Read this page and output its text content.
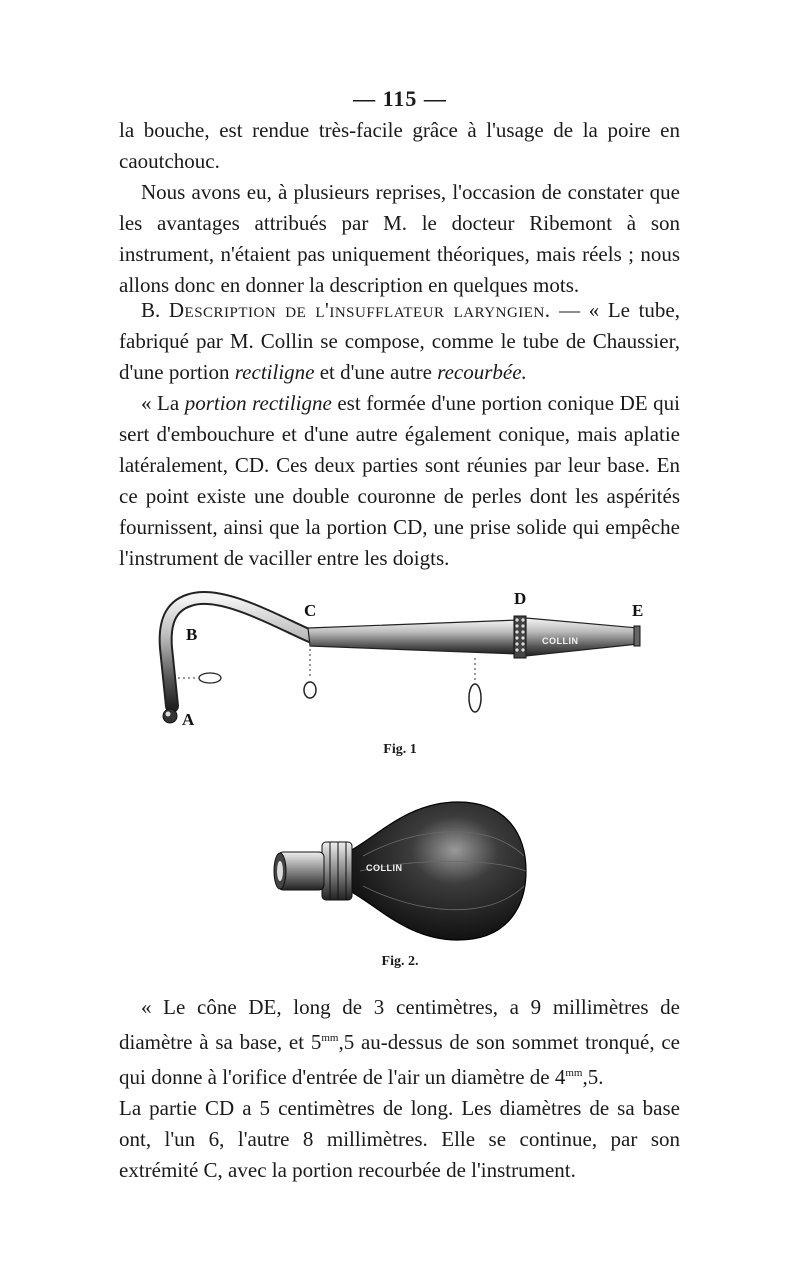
— 115 —

la bouche, est rendue très-facile grâce à l'usage de la poire en caoutchouc.

Nous avons eu, à plusieurs reprises, l'occasion de constater que les avantages attribués par M. le docteur Ribemont à son instrument, n'étaient pas uniquement théoriques, mais réels ; nous allons donc en donner la description en quelques mots.

B. Description de l'insufflateur laryngien. — « Le tube, fabriqué par M. Collin se compose, comme le tube de Chaussier, d'une portion rectiligne et d'une autre recourbée.

« La portion rectiligne est formée d'une portion conique DE qui sert d'embouchure et d'une autre également conique, mais aplatie latéralement, CD. Ces deux parties sont réunies par leur base. En ce point existe une double couronne de perles dont les aspérités fournissent, ainsi que la portion CD, une prise solide qui empêche l'instrument de vaciller entre les doigts.

COLLIN
A
B
C
D
E
Fig. 1
COLLIN
Fig. 2.

« Le cône DE, long de 3 centimètres, a 9 millimètres de diamètre à sa base, et $5^{mm},5$ au-dessus de son sommet tronqué, ce qui donne à l'orifice d'entrée de l'air un diamètre de $4^{mm},5$.

La partie CD a 5 centimètres de long. Les diamètres de sa base ont, l'un 6, l'autre 8 millimètres. Elle se continue, par son extrémité C, avec la portion recourbée de l'instrument.
